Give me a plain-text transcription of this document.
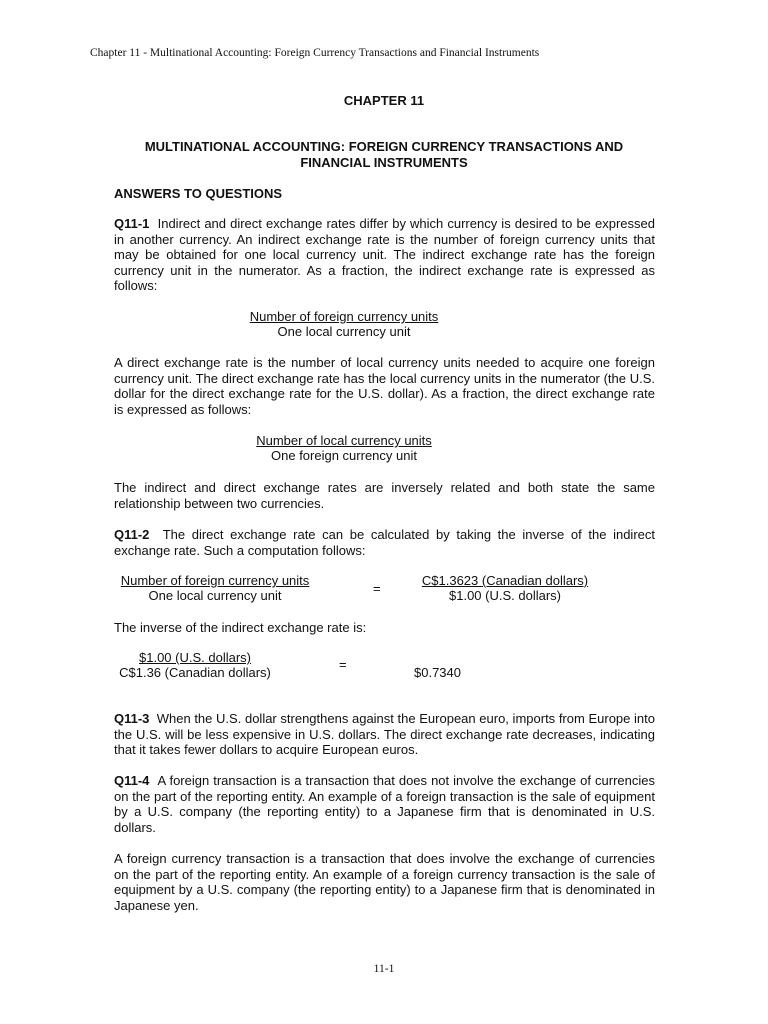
Chapter 11 - Multinational Accounting: Foreign Currency Transactions and Financial Instruments
CHAPTER 11
MULTINATIONAL ACCOUNTING: FOREIGN CURRENCY TRANSACTIONS AND
FINANCIAL INSTRUMENTS
ANSWERS TO QUESTIONS
Q11-1 Indirect and direct exchange rates differ by which currency is desired to be expressed in another currency. An indirect exchange rate is the number of foreign currency units that may be obtained for one local currency unit. The indirect exchange rate has the foreign currency unit in the numerator. As a fraction, the indirect exchange rate is expressed as follows:
Number of foreign currency units
One local currency unit
A direct exchange rate is the number of local currency units needed to acquire one foreign currency unit. The direct exchange rate has the local currency units in the numerator (the U.S. dollar for the direct exchange rate for the U.S. dollar). As a fraction, the direct exchange rate is expressed as follows:
Number of local currency units
One foreign currency unit
The indirect and direct exchange rates are inversely related and both state the same relationship between two currencies.
Q11-2 The direct exchange rate can be calculated by taking the inverse of the indirect exchange rate. Such a computation follows:
Number of foreign currency units
One local currency unit	=
C$1.3623 (Canadian dollars)
$1.00 (U.S. dollars)
The inverse of the indirect exchange rate is:
$1.00 (U.S. dollars)
C$1.36 (Canadian dollars)
=
$0.7340
Q11-3 When the U.S. dollar strengthens against the European euro, imports from Europe into the U.S. will be less expensive in U.S. dollars. The direct exchange rate decreases, indicating that it takes fewer dollars to acquire European euros.
Q11-4 A foreign transaction is a transaction that does not involve the exchange of currencies on the part of the reporting entity. An example of a foreign transaction is the sale of equipment by a U.S. company (the reporting entity) to a Japanese firm that is denominated in U.S. dollars.
A foreign currency transaction is a transaction that does involve the exchange of currencies on the part of the reporting entity. An example of a foreign currency transaction is the sale of equipment by a U.S. company (the reporting entity) to a Japanese firm that is denominated in Japanese yen.
11-1
